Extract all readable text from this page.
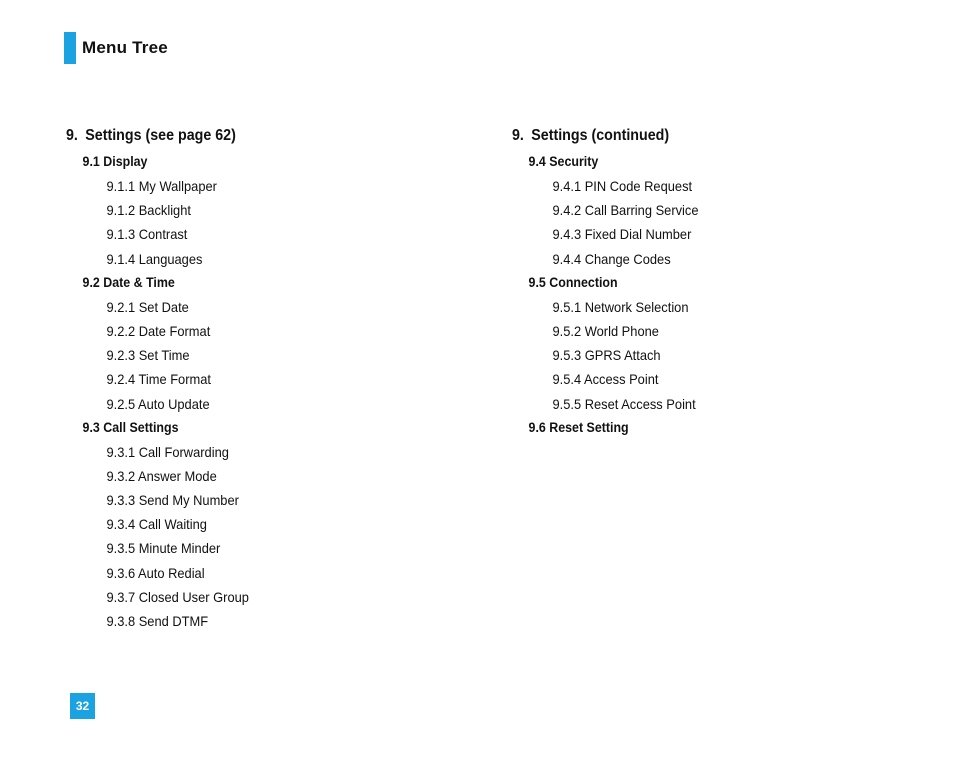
Menu Tree
9. Settings (see page 62)
9.1 Display
9.1.1 My Wallpaper
9.1.2 Backlight
9.1.3 Contrast
9.1.4 Languages
9.2 Date & Time
9.2.1 Set Date
9.2.2 Date Format
9.2.3 Set Time
9.2.4 Time Format
9.2.5 Auto Update
9.3 Call Settings
9.3.1 Call Forwarding
9.3.2 Answer Mode
9.3.3 Send My Number
9.3.4 Call Waiting
9.3.5 Minute Minder
9.3.6 Auto Redial
9.3.7 Closed User Group
9.3.8 Send DTMF
9. Settings (continued)
9.4 Security
9.4.1 PIN Code Request
9.4.2 Call Barring Service
9.4.3 Fixed Dial Number
9.4.4 Change Codes
9.5 Connection
9.5.1 Network Selection
9.5.2 World Phone
9.5.3 GPRS Attach
9.5.4 Access Point
9.5.5 Reset Access Point
9.6 Reset Setting
32
